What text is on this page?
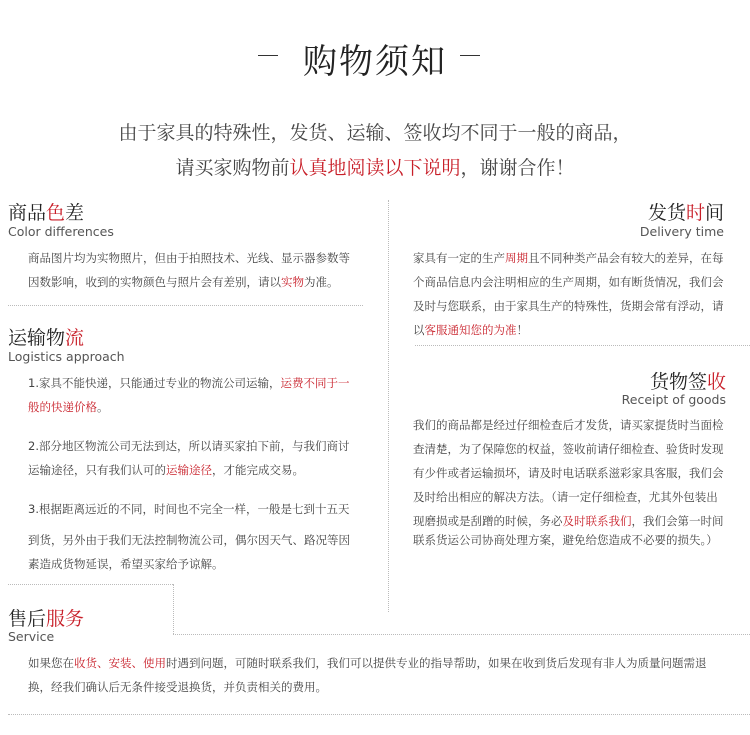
购物须知
由于家具的特殊性，发货、运输、签收均不同于一般的商品，
请买家购物前认真地阅读以下说明，谢谢合作！
商品色差
Color differences
商品图片均为实物照片，但由于拍照技术、光线、显示器参数等
因数影响，收到的实物颜色与照片会有差别，请以实物为准。
发货时间
Delivery time
家具有一定的生产周期且不同种类产品会有较大的差异，在每
个商品信息内会注明相应的生产周期，如有断货情况，我们会
及时与您联系，由于家具生产的特殊性，货期会常有浮动，请
以客服通知您的为准！
运输物流
Logistics approach
1.家具不能快递，只能通过专业的物流公司运输，运费不同于一
般的快递价格。
2.部分地区物流公司无法到达，所以请买家拍下前，与我们商讨
运输途径，只有我们认可的运输途径，才能完成交易。
3.根据距离远近的不同，时间也不完全一样，一般是七到十五天
到货，另外由于我们无法控制物流公司，偶尔因天气、路况等因
素造成货物延误，希望买家给予谅解。
货物签收
Receipt of goods
我们的商品都是经过仔细检查后才发货，请买家提货时当面检
查清楚，为了保障您的权益，签收前请仔细检查、验货时发现
有少件或者运输损坏，请及时电话联系滋彩家具客服，我们会
及时给出相应的解决方法。（请一定仔细检查，尤其外包装出
现磨损或是刮蹭的时候，务必及时联系我们，我们会第一时间
联系货运公司协商处理方案，避免给您造成不必要的损失。）
售后服务
Service
如果您在收货、安装、使用时遇到问题，可随时联系我们，我们可以提供专业的指导帮助，如果在收到货后发现有非人为质量问题需退
换，经我们确认后无条件接受退换货，并负责相关的费用。
